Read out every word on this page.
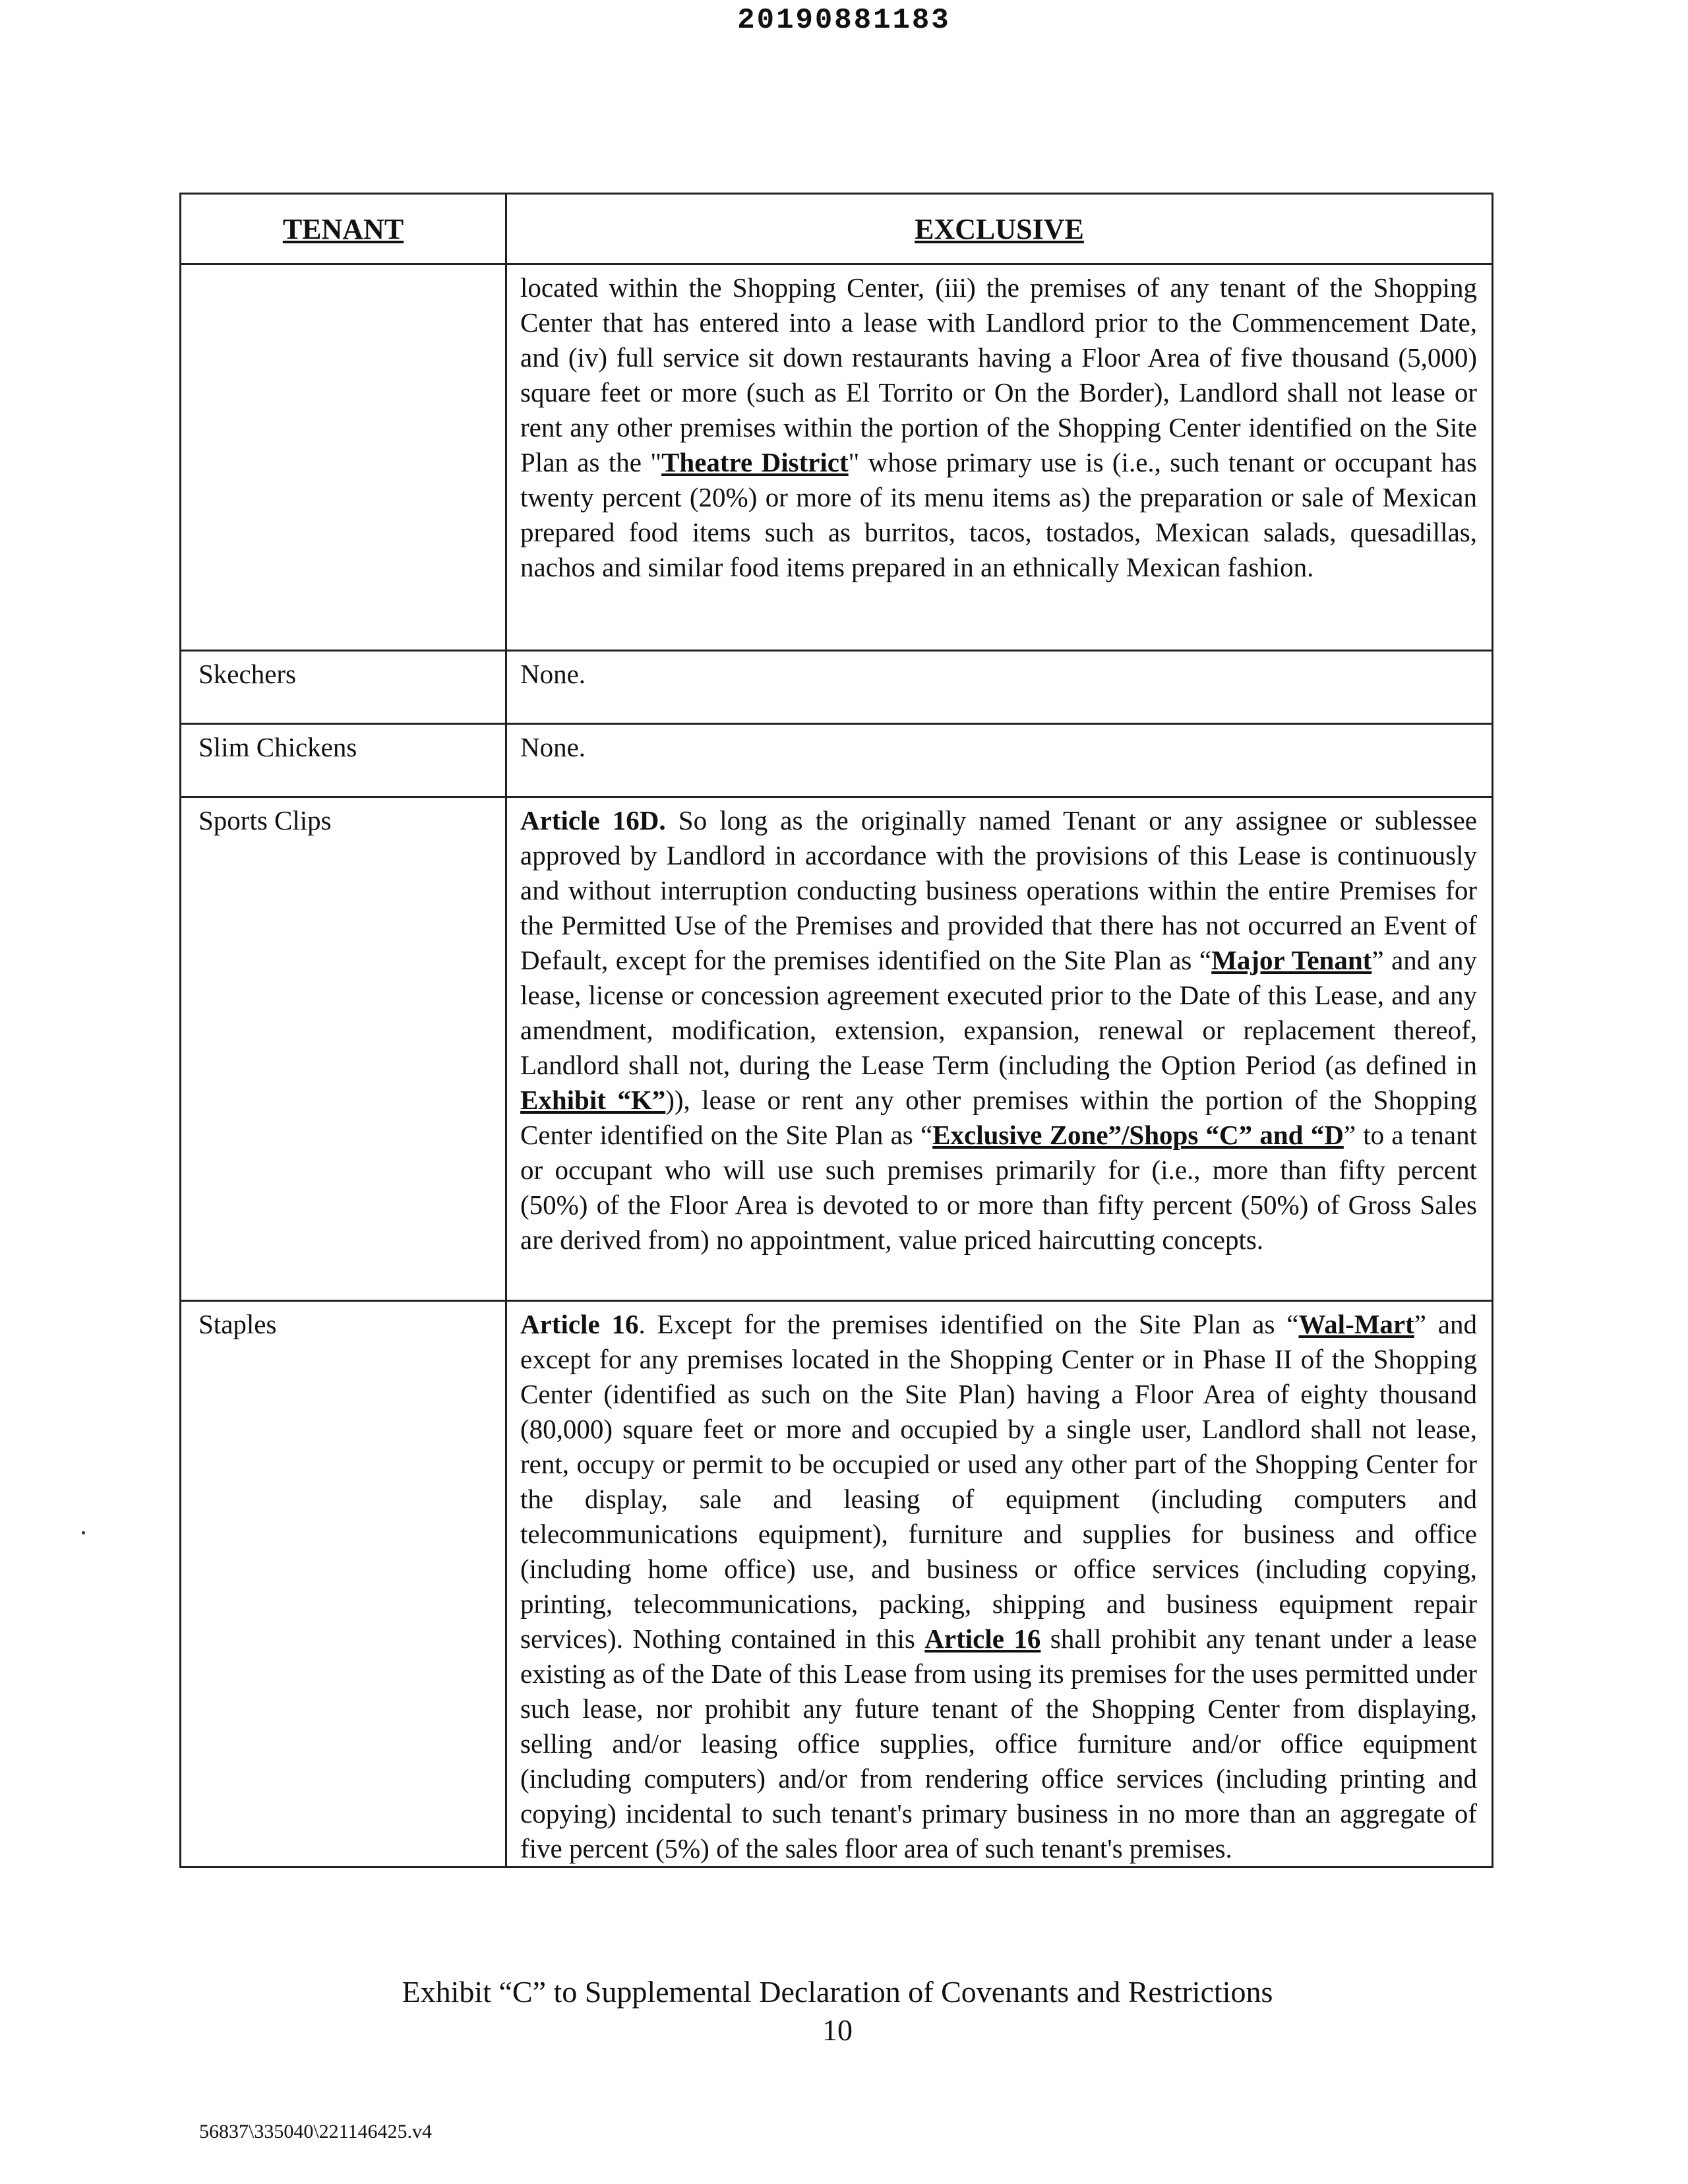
20190881183
TENANT	EXCLUSIVE

	located within the Shopping Center, (iii) the premises of any tenant of the Shopping Center that has entered into a lease with Landlord prior to the Commencement Date, and (iv) full service sit down restaurants having a Floor Area of five thousand (5,000) square feet or more (such as El Torrito or On the Border), Landlord shall not lease or rent any other premises within the portion of the Shopping Center identified on the Site Plan as the "Theatre District" whose primary use is (i.e., such tenant or occupant has twenty percent (20%) or more of its menu items as) the preparation or sale of Mexican prepared food items such as burritos, tacos, tostados, Mexican salads, quesadillas, nachos and similar food items prepared in an ethnically Mexican fashion.

Skechers	None.
Slim Chickens	None.
Sports Clips	Article 16D. So long as the originally named Tenant or any assignee or sublessee approved by Landlord in accordance with the provisions of this Lease is continuously and without interruption conducting business operations within the entire Premises for the Permitted Use of the Premises and provided that there has not occurred an Event of Default, except for the premises identified on the Site Plan as “Major Tenant” and any lease, license or concession agreement executed prior to the Date of this Lease, and any amendment, modification, extension, expansion, renewal or replacement thereof, Landlord shall not, during the Lease Term (including the Option Period (as defined in Exhibit “K”)), lease or rent any other premises within the portion of the Shopping Center identified on the Site Plan as “Exclusive Zone”/Shops “C” and “D” to a tenant or occupant who will use such premises primarily for (i.e., more than fifty percent (50%) of the Floor Area is devoted to or more than fifty percent (50%) of Gross Sales are derived from) no appointment, value priced haircutting concepts.

Staples	Article 16. Except for the premises identified on the Site Plan as “Wal-Mart” and except for any premises located in the Shopping Center or in Phase II of the Shopping Center (identified as such on the Site Plan) having a Floor Area of eighty thousand (80,000) square feet or more and occupied by a single user, Landlord shall not lease, rent, occupy or permit to be occupied or used any other part of the Shopping Center for the display, sale and leasing of equipment (including computers and telecommunications equipment), furniture and supplies for business and office (including home office) use, and business or office services (including copying, printing, telecommunications, packing, shipping and business equipment repair services). Nothing contained in this Article 16 shall prohibit any tenant under a lease existing as of the Date of this Lease from using its premises for the uses permitted under such lease, nor prohibit any future tenant of the Shopping Center from displaying, selling and/or leasing office supplies, office furniture and/or office equipment (including computers) and/or from rendering office services (including printing and copying) incidental to such tenant's primary business in no more than an aggregate of five percent (5%) of the sales floor area of such tenant's premises.

Exhibit “C” to Supplemental Declaration of Covenants and Restrictions
10
56837\335040\221146425.v4
